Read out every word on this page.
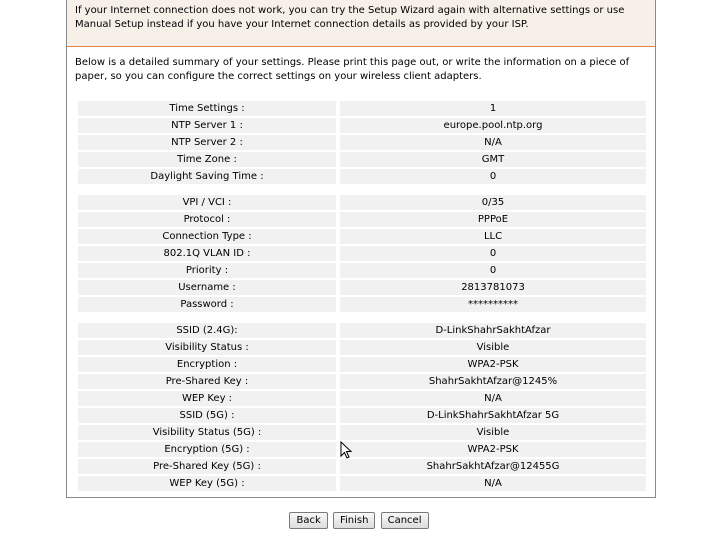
If your Internet connection does not work, you can try the Setup Wizard again with alternative settings or use Manual Setup instead if you have your Internet connection details as provided by your ISP.
Below is a detailed summary of your settings. Please print this page out, or write the information on a piece of paper, so you can configure the correct settings on your wireless client adapters.
Time Settings :	1
NTP Server 1 :	europe.pool.ntp.org
NTP Server 2 :	N/A
Time Zone :	GMT
Daylight Saving Time :	0
VPI / VCI :	0/35
Protocol :	PPPoE
Connection Type :	LLC
802.1Q VLAN ID :	0
Priority :	0
Username :	2813781073
Password :	**********
SSID (2.4G):	D-LinkShahrSakhtAfzar
Visibility Status :	Visible
Encryption :	WPA2-PSK
Pre-Shared Key :	ShahrSakhtAfzar@1245%
WEP Key :	N/A
SSID (5G) :	D-LinkShahrSakhtAfzar 5G
Visibility Status (5G) :	Visible
Encryption (5G) :	WPA2-PSK
Pre-Shared Key (5G) :	ShahrSakhtAfzar@12455G
WEP Key (5G) :	N/A
Back Finish Cancel
